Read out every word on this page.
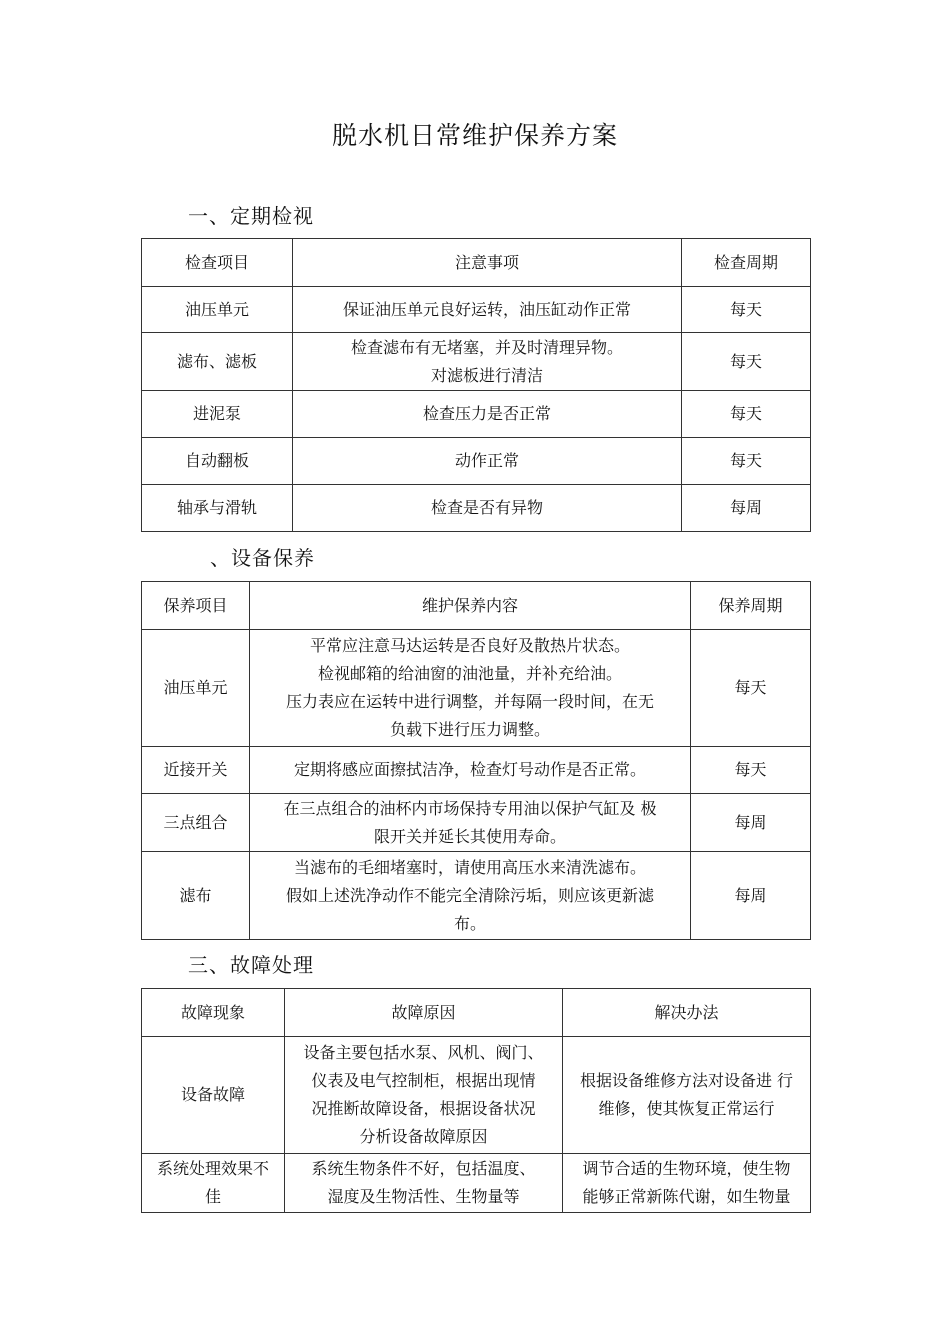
脱水机日常维护保养方案
一、定期检视
检查项目	注意事项	检查周期
油压单元	保证油压单元良好运转，油压缸动作正常	每天
滤布、滤板	检查滤布有无堵塞，并及时清理异物。
对滤板进行清洁	每天
进泥泵	检查压力是否正常	每天
自动翻板	动作正常	每天
轴承与滑轨	检查是否有异物	每周
、设备保养
保养项目	维护保养内容	保养周期
油压单元	平常应注意马达运转是否良好及散热片状态。
检视邮箱的给油窗的油池量，并补充给油。
压力表应在运转中进行调整，并每隔一段时间，在无
负载下进行压力调整。	每天
近接开关	定期将感应面擦拭洁净，检查灯号动作是否正常。	每天
三点组合	在三点组合的油杯内市场保持专用油以保护气缸及 极
限开关并延长其使用寿命。	每周
滤布	当滤布的毛细堵塞时，请使用高压水来清洗滤布。
假如上述洗净动作不能完全清除污垢，则应该更新滤
布。	每周
三、故障处理
故障现象	故障原因	解决办法

设备故障	设备主要包括水泵、风机、阀门、
仪表及电气控制柜，根据出现情
况推断故障设备，根据设备状况
分析设备故障原因	根据设备维修方法对设备进 行
维修，使其恢复正常运行

系统处理效果不
佳	系统生物条件不好，包括温度、
湿度及生物活性、生物量等	调节合适的生物环境，使生物
能够正常新陈代谢，如生物量
